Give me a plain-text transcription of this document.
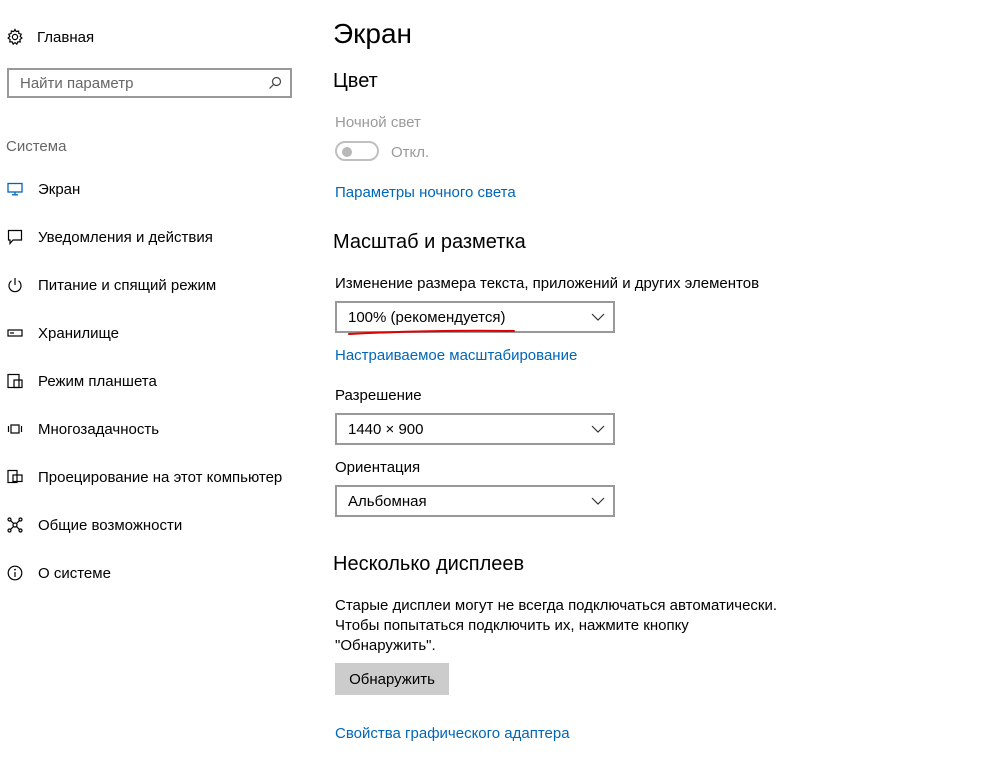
Главная
Найти параметр
Система
Экран
Уведомления и действия
Питание и спящий режим
Хранилище
Режим планшета
Многозадачность
Проецирование на этот компьютер
Общие возможности
О системе
Экран
Цвет
Ночной свет
Откл.
Параметры ночного света
Масштаб и разметка
Изменение размера текста, приложений и других элементов
100% (рекомендуется)
Настраиваемое масштабирование
Разрешение
1440 × 900
Ориентация
Альбомная
Несколько дисплеев
Старые дисплеи могут не всегда подключаться автоматически.
Чтобы попытаться подключить их, нажмите кнопку
"Обнаружить".
Обнаружить
Свойства графического адаптера
